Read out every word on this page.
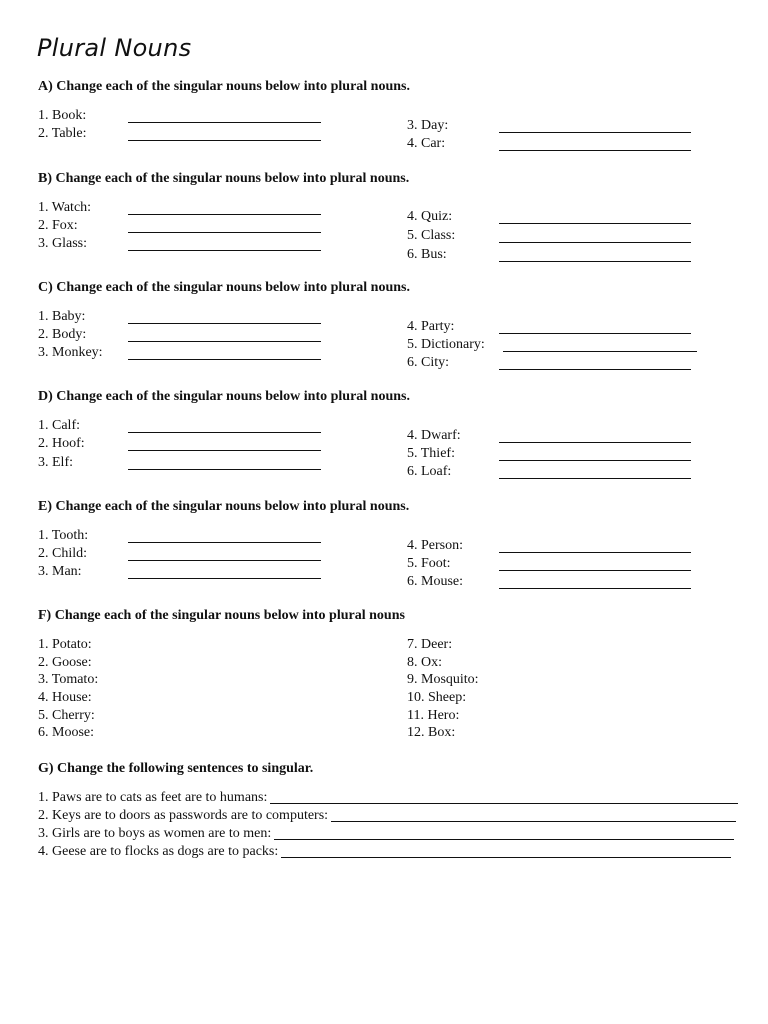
Plural Nouns
A) Change each of the singular nouns below into plural nouns.
1. Book:
2. Table:
3. Day:
4. Car:
B) Change each of the singular nouns below into plural nouns.
1. Watch:
2. Fox:
3. Glass:
4. Quiz:
5. Class:
6. Bus:
C) Change each of the singular nouns below into plural nouns.
1. Baby:
2. Body:
3. Monkey:
4. Party:
5. Dictionary:
6. City:
D) Change each of the singular nouns below into plural nouns.
1. Calf:
2. Hoof:
3. Elf:
4. Dwarf:
5. Thief:
6. Loaf:
E) Change each of the singular nouns below into plural nouns.
1. Tooth:
2. Child:
3. Man:
4. Person:
5. Foot:
6. Mouse:
F) Change each of the singular nouns below into plural nouns
1. Potato:
2. Goose:
3. Tomato:
4. House:
5. Cherry:
6. Moose:
7. Deer:
8. Ox:
9. Mosquito:
10. Sheep:
11. Hero:
12. Box:
G) Change the following sentences to singular.
1. Paws are to cats as feet are to humans:
2. Keys are to doors as passwords are to computers:
3. Girls are to boys as women are to men:
4. Geese are to flocks as dogs are to packs:
